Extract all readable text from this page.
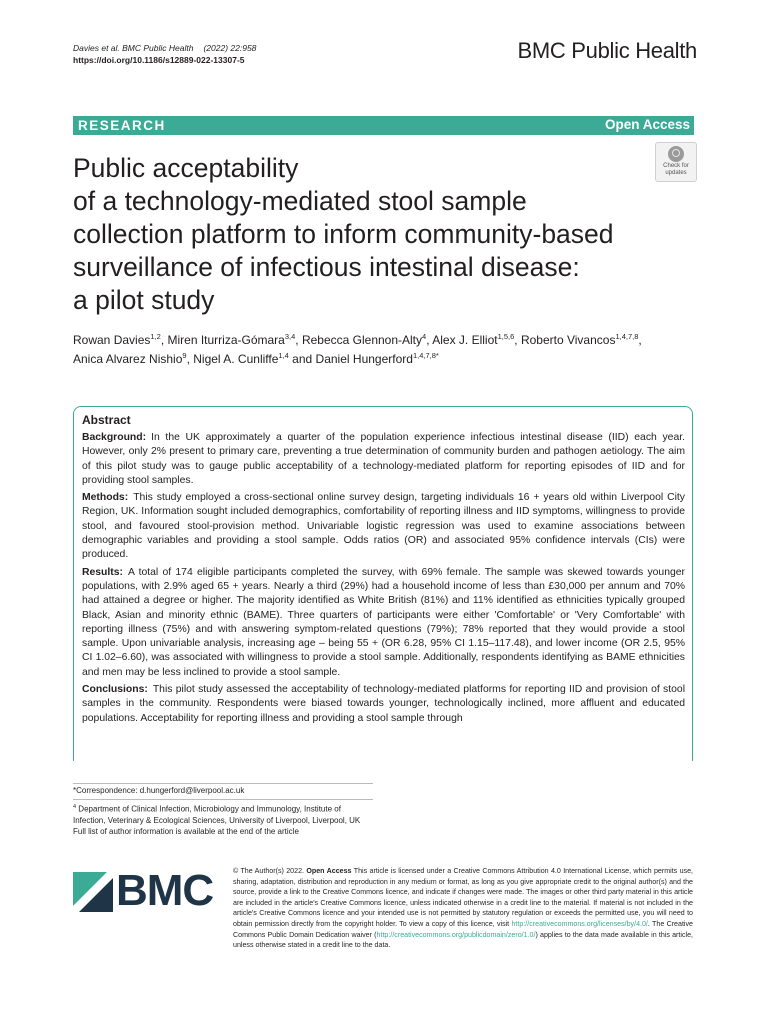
Davies et al. BMC Public Health (2022) 22:958
https://doi.org/10.1186/s12889-022-13307-5	BMC Public Health
RESEARCH	Open Access
Check for
updates
Public acceptability
of a technology-mediated stool sample
collection platform to inform community-based
surveillance of infectious intestinal disease:
a pilot study
Rowan Davies$^{1,2}$, Miren Iturriza-Gómara$^{3,4}$, Rebecca Glennon-Alty$^4$, Alex J. Elliot$^{1,5,6}$, Roberto Vivancos$^{1,4,7,8}$,
Anica Alvarez Nishio$^9$, Nigel A. Cunliffe$^{1,4}$ and Daniel Hungerford$^{1,4,7,8*}$
Abstract

Background: In the UK approximately a quarter of the population experience infectious intestinal disease (IID) each year. However, only 2% present to primary care, preventing a true determination of community burden and pathogen aetiology. The aim of this pilot study was to gauge public acceptability of a technology-mediated platform for reporting episodes of IID and for providing stool samples.

Methods: This study employed a cross-sectional online survey design, targeting individuals 16 + years old within Liverpool City Region, UK. Information sought included demographics, comfortability of reporting illness and IID symptoms, willingness to provide stool, and favoured stool-provision method. Univariable logistic regression was used to examine associations between demographic variables and providing a stool sample. Odds ratios (OR) and associated 95% confidence intervals (CIs) were produced.

Results: A total of 174 eligible participants completed the survey, with 69% female. The sample was skewed towards younger populations, with 2.9% aged 65 + years. Nearly a third (29%) had a household income of less than £30,000 per annum and 70% had attained a degree or higher. The majority identified as White British (81%) and 11% identified as ethnicities typically grouped Black, Asian and minority ethnic (BAME). Three quarters of participants were either 'Comfortable' or 'Very Comfortable' with reporting illness (75%) and with answering symptom-related questions (79%); 78% reported that they would provide a stool sample. Upon univariable analysis, increasing age – being 55 + (OR 6.28, 95% CI 1.15–117.48), and lower income (OR 2.5, 95% CI 1.02–6.60), was associated with willingness to provide a stool sample. Additionally, respondents identifying as BAME ethnicities and men may be less inclined to provide a stool sample.

Conclusions: This pilot study assessed the acceptability of technology-mediated platforms for reporting IID and provision of stool samples in the community. Respondents were biased towards younger, technologically inclined, more affluent and educated populations. Acceptability for reporting illness and providing a stool sample through

*Correspondence: d.hungerford@liverpool.ac.uk
$^4$ Department of Clinical Infection, Microbiology and Immunology, Institute of Infection, Veterinary & Ecological Sciences, University of Liverpool, Liverpool, UK
Full list of author information is available at the end of the article
BMC	© The Author(s) 2022. Open Access This article is licensed under a Creative Commons Attribution 4.0 International License, which permits use, sharing, adaptation, distribution and reproduction in any medium or format, as long as you give appropriate credit to the original author(s) and the source, provide a link to the Creative Commons licence, and indicate if changes were made. The images or other third party material in this article are included in the article's Creative Commons licence, unless indicated otherwise in a credit line to the material. If material is not included in the article's Creative Commons licence and your intended use is not permitted by statutory regulation or exceeds the permitted use, you will need to obtain permission directly from the copyright holder. To view a copy of this licence, visit http://creativecommons.org/licenses/by/4.0/. The Creative Commons Public Domain Dedication waiver (http://creativecommons.org/publicdomain/zero/1.0/) applies to the data made available in this article, unless otherwise stated in a credit line to the data.
